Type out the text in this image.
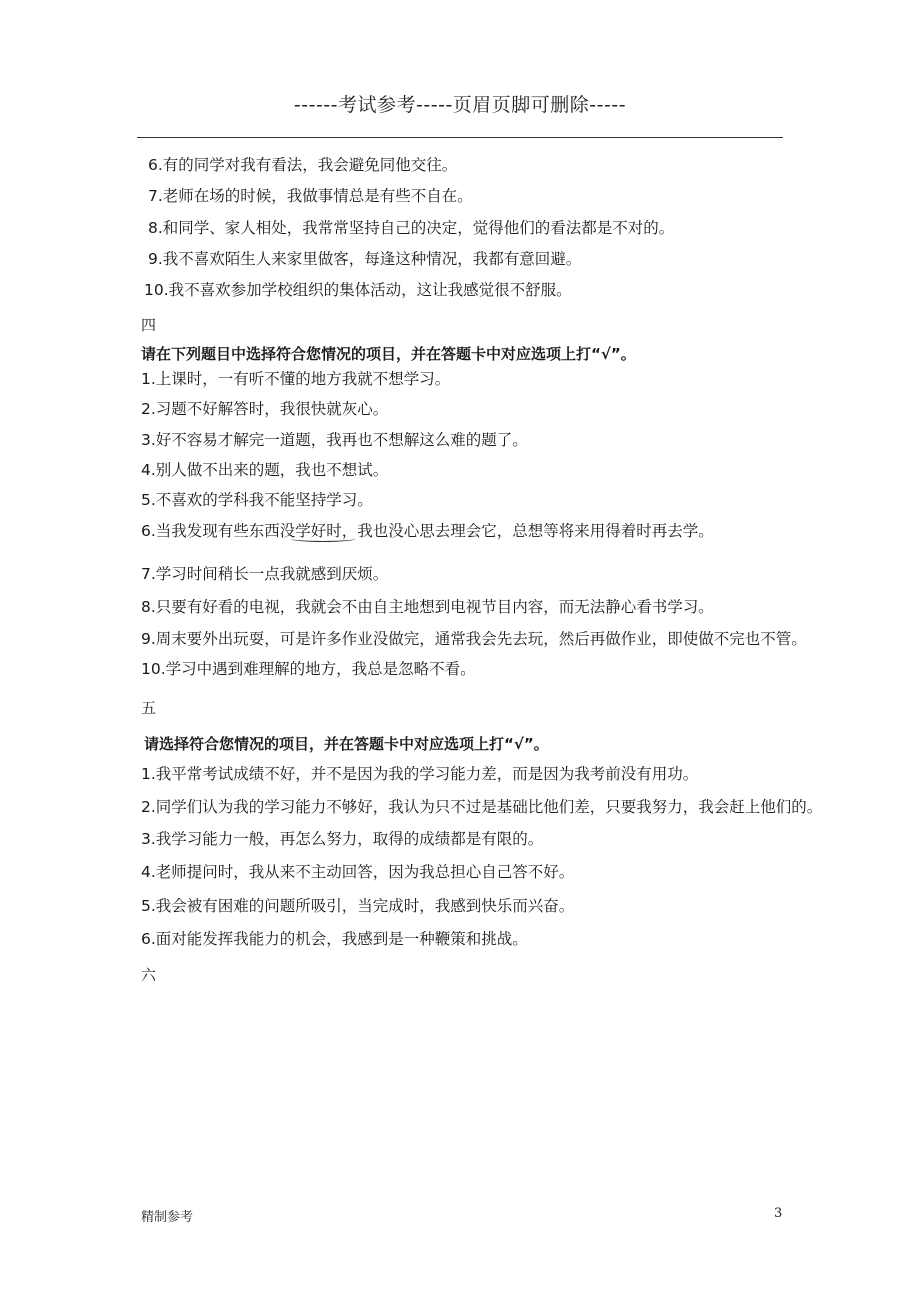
------考试参考-----页眉页脚可删除-----
6.有的同学对我有看法，我会避免同他交往。
7.老师在场的时候，我做事情总是有些不自在。
8.和同学、家人相处，我常常坚持自己的决定，觉得他们的看法都是不对的。
9.我不喜欢陌生人来家里做客，每逢这种情况，我都有意回避。
10.我不喜欢参加学校组织的集体活动，这让我感觉很不舒服。
四
请在下列题目中选择符合您情况的项目，并在答题卡中对应选项上打“√”。
1.上课时，一有听不懂的地方我就不想学习。
2.习题不好解答时，我很快就灰心。
3.好不容易才解完一道题，我再也不想解这么难的题了。
4.别人做不出来的题，我也不想试。
5.不喜欢的学科我不能坚持学习。
6.当我发现有些东西没学好时，我也没心思去理会它，总想等将来用得着时再去学。
7.学习时间稍长一点我就感到厌烦。
8.只要有好看的电视，我就会不由自主地想到电视节目内容，而无法静心看书学习。
9.周末要外出玩耍，可是许多作业没做完，通常我会先去玩，然后再做作业，即使做不完也不管。
10.学习中遇到难理解的地方，我总是忽略不看。
五
请选择符合您情况的项目，并在答题卡中对应选项上打“√”。
1.我平常考试成绩不好，并不是因为我的学习能力差，而是因为我考前没有用功。
2.同学们认为我的学习能力不够好，我认为只不过是基础比他们差，只要我努力，我会赶上他们的。
3.我学习能力一般，再怎么努力，取得的成绩都是有限的。
4.老师提问时，我从来不主动回答，因为我总担心自己答不好。
5.我会被有困难的问题所吸引，当完成时，我感到快乐而兴奋。
6.面对能发挥我能力的机会，我感到是一种鞭策和挑战。
六
精制参考	3
